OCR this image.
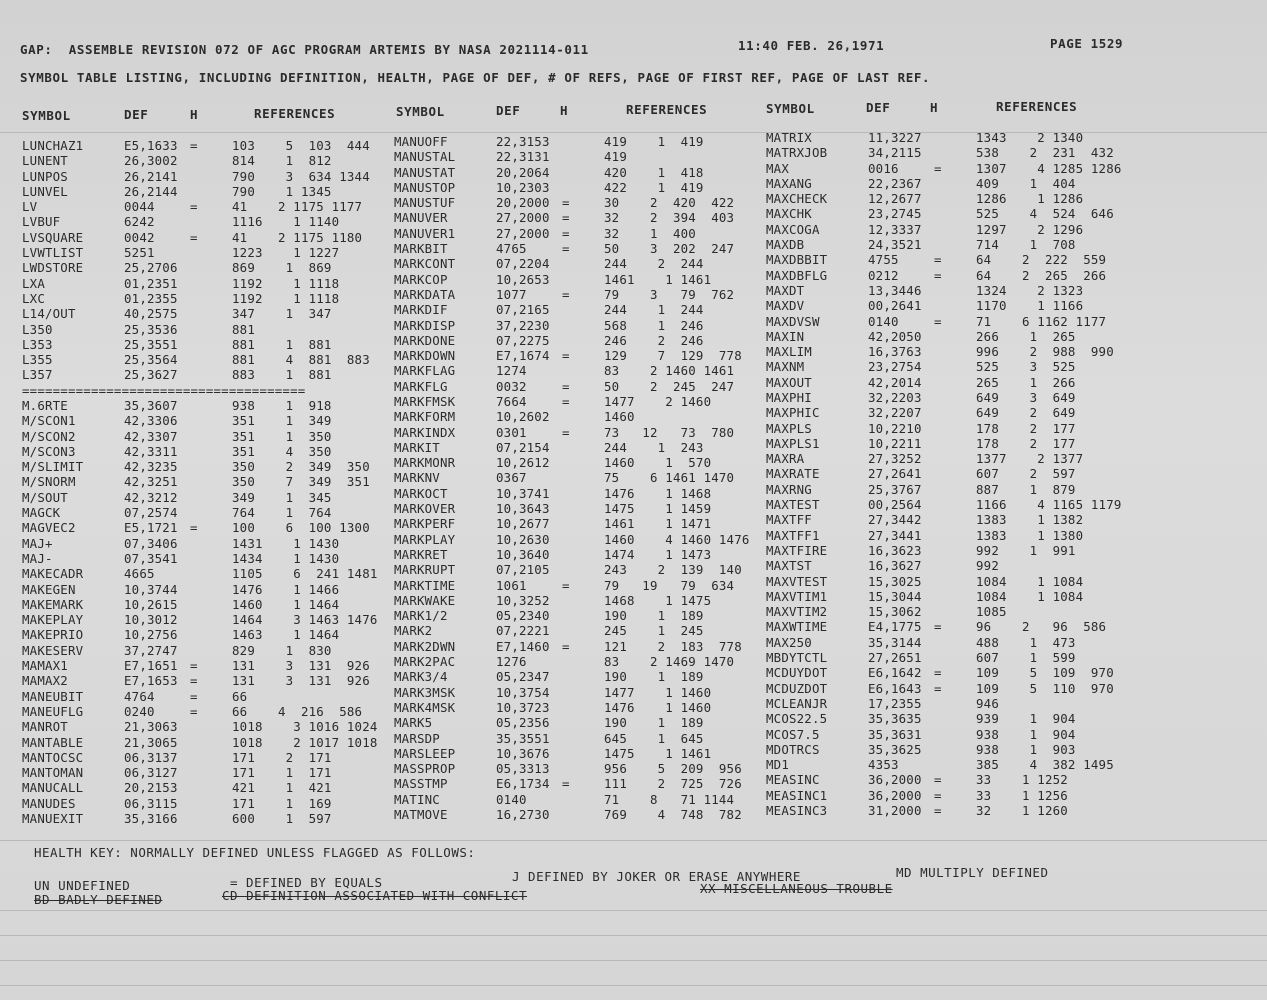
GAP:  ASSEMBLE REVISION 072 OF AGC PROGRAM ARTEMIS BY NASA 2021114-011	11:40 FEB. 26,1971	PAGE 1529
SYMBOL TABLE LISTING, INCLUDING DEFINITION, HEALTH, PAGE OF DEF, # OF REFS, PAGE OF FIRST REF, PAGE OF LAST REF.
SYMBOL	DEF	H	REFERENCES	SYMBOL	DEF	H	REFERENCES	SYMBOL	DEF	H	REFERENCES
LUNCHAZ1	E5,1633 =	103    5  103  444
LUNENT	26,3002	814    1  812
LUNPOS	26,2141	790    3  634 1344
LUNVEL	26,2144	790    1 1345
LV	0044	=	41    2 1175 1177
LVBUF	6242	1116    1 1140
LVSQUARE	0042	=	41    2 1175 1180
LVWTLIST	5251	1223    1 1227
LWDSTORE	25,2706	869    1  869
LXA	01,2351	1192    1 1118
LXC	01,2355	1192    1 1118
L14/OUT	40,2575	347    1  347
L350	25,3536	881
L353	25,3551	881    1  881
L355	25,3564	881    4  881  883
L357	25,3627	883    1  881
=====================================
M.6RTE	35,3607	938    1  918
M/SCON1	42,3306	351    1  349
M/SCON2	42,3307	351    1  350
M/SCON3	42,3311	351    4  350
M/SLIMIT	42,3235	350    2  349  350
M/SNORM	42,3251	350    7  349  351
M/SOUT	42,3212	349    1  345
MAGCK	07,2574	764    1  764
MAGVEC2	E5,1721 =	100    6  100 1300
MAJ+	07,3406	1431    1 1430
MAJ-	07,3541	1434    1 1430
MAKECADR	4665	1105    6  241 1481
MAKEGEN	10,3744	1476    1 1466
MAKEMARK	10,2615	1460    1 1464
MAKEPLAY	10,3012	1464    3 1463 1476
MAKEPRIO	10,2756	1463    1 1464
MAKESERV	37,2747	829    1  830
MAMAX1	E7,1651 =	131    3  131  926
MAMAX2	E7,1653 =	131    3  131  926
MANEUBIT	4764	=	66
MANEUFLG	0240	=	66    4  216  586
MANROT	21,3063	1018    3 1016 1024
MANTABLE	21,3065	1018    2 1017 1018
MANTOCSC	06,3137	171    2  171
MANTOMAN	06,3127	171    1  171
MANUCALL	20,2153	421    1  421
MANUDES	06,3115	171    1  169
MANUEXIT	35,3166	600    1  597
MANUOFF	22,3153	419    1  419
MANUSTAL	22,3131	419
MANUSTAT	20,2064	420    1  418
MANUSTOP	10,2303	422    1  419
MANUSTUF	20,2000 =	30    2  420  422
MANUVER	27,2000 =	32    2  394  403
MANUVER1	27,2000 =	32    1  400
MARKBIT	4765	=	50    3  202  247
MARKCONT	07,2204	244    2  244
MARKCOP	10,2653	1461    1 1461
MARKDATA	1077	=	79    3   79  762
MARKDIF	07,2165	244    1  244
MARKDISP	37,2230	568    1  246
MARKDONE	07,2275	246    2  246
MARKDOWN	E7,1674 =	129    7  129  778
MARKFLAG	1274	83    2 1460 1461
MARKFLG	0032	=	50    2  245  247
MARKFMSK	7664	=	1477    2 1460
MARKFORM	10,2602	1460
MARKINDX	0301	=	73   12   73  780
MARKIT	07,2154	244    1  243
MARKMONR	10,2612	1460    1  570
MARKNV	0367	75    6 1461 1470
MARKOCT	10,3741	1476    1 1468
MARKOVER	10,3643	1475    1 1459
MARKPERF	10,2677	1461    1 1471
MARKPLAY	10,2630	1460    4 1460 1476
MARKRET	10,3640	1474    1 1473
MARKRUPT	07,2105	243    2  139  140
MARKTIME	1061	=	79   19   79  634
MARKWAKE	10,3252	1468    1 1475
MARK1/2	05,2340	190    1  189
MARK2	07,2221	245    1  245
MARK2DWN	E7,1460 =	121    2  183  778
MARK2PAC	1276	83    2 1469 1470
MARK3/4	05,2347	190    1  189
MARK3MSK	10,3754	1477    1 1460
MARK4MSK	10,3723	1476    1 1460
MARK5	05,2356	190    1  189
MARSDP	35,3551	645    1  645
MARSLEEP	10,3676	1475    1 1461
MASSPROP	05,3313	956    5  209  956
MASSTMP	E6,1734 =	111    2  725  726
MATINC	0140	71    8   71 1144
MATMOVE	16,2730	769    4  748  782
MATRIX	11,3227	1343    2 1340
MATRXJOB	34,2115	538    2  231  432
MAX	0016	=	1307    4 1285 1286
MAXANG	22,2367	409    1  404
MAXCHECK	12,2677	1286    1 1286
MAXCHK	23,2745	525    4  524  646
MAXCOGA	12,3337	1297    2 1296
MAXDB	24,3521	714    1  708
MAXDBBIT	4755	=	64    2  222  559
MAXDBFLG	0212	=	64    2  265  266
MAXDT	13,3446	1324    2 1323
MAXDV	00,2641	1170    1 1166
MAXDVSW	0140	=	71    6 1162 1177
MAXIN	42,2050	266    1  265
MAXLIM	16,3763	996    2  988  990
MAXNM	23,2754	525    3  525
MAXOUT	42,2014	265    1  266
MAXPHI	32,2203	649    3  649
MAXPHIC	32,2207	649    2  649
MAXPLS	10,2210	178    2  177
MAXPLS1	10,2211	178    2  177
MAXRA	27,3252	1377    2 1377
MAXRATE	27,2641	607    2  597
MAXRNG	25,3767	887    1  879
MAXTEST	00,2564	1166    4 1165 1179
MAXTFF	27,3442	1383    1 1382
MAXTFF1	27,3441	1383    1 1380
MAXTFIRE	16,3623	992    1  991
MAXTST	16,3627	992
MAXVTEST	15,3025	1084    1 1084
MAXVTIM1	15,3044	1084    1 1084
MAXVTIM2	15,3062	1085
MAXWTIME	E4,1775 =	96    2   96  586
MAX250	35,3144	488    1  473
MBDYTCTL	27,2651	607    1  599
MCDUYDOT	E6,1642 =	109    5  109  970
MCDUZDOT	E6,1643 =	109    5  110  970
MCLEANJR	17,2355	946
MCOS22.5	35,3635	939    1  904
MCOS7.5	35,3631	938    1  904
MDOTRCS	35,3625	938    1  903
MD1	4353	385    4  382 1495
MEASINC	36,2000 =	33    1 1252
MEASINC1	36,2000 =	33    1 1256
MEASINC3	31,2000 =	32    1 1260
HEALTH KEY: NORMALLY DEFINED UNLESS FLAGGED AS FOLLOWS:
UN UNDEFINED	= DEFINED BY EQUALS	J DEFINED BY JOKER OR ERASE ANYWHERE	MD MULTIPLY DEFINED
BD BADLY DEFINED	CD DEFINITION ASSOCIATED WITH CONFLICT	XX MISCELLANEOUS TROUBLE
